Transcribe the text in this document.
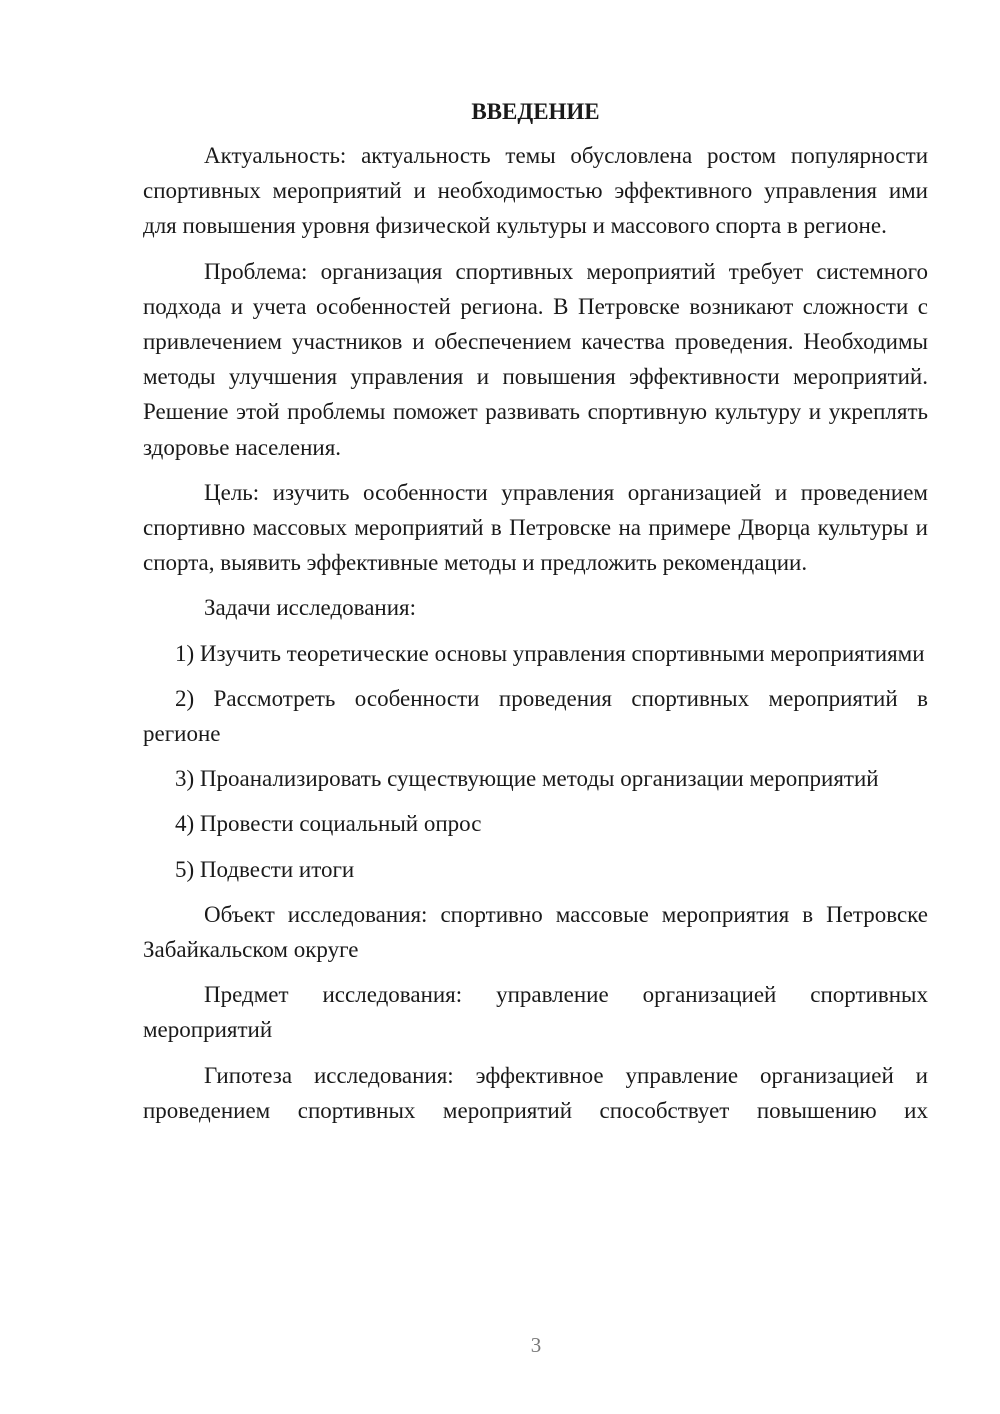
ВВЕДЕНИЕ

Актуальность: актуальность темы обусловлена ростом популярности спортивных мероприятий и необходимостью эффективного управления ими для повышения уровня физической культуры и массового спорта в регионе.

Проблема: организация спортивных мероприятий требует системного подхода и учета особенностей региона. В Петровске возникают сложности с привлечением участников и обеспечением качества проведения. Необходимы методы улучшения управления и повышения эффективности мероприятий. Решение этой проблемы поможет развивать спортивную культуру и укреплять здоровье населения.

Цель: изучить особенности управления организацией и проведением спортивно массовых мероприятий в Петровске на примере Дворца культуры и спорта, выявить эффективные методы и предложить рекомендации.

Задачи исследования:

1) Изучить теоретические основы управления спортивными мероприятиями

2) Рассмотреть особенности проведения спортивных мероприятий в регионе

3) Проанализировать существующие методы организации мероприятий

4) Провести социальный опрос

5) Подвести итоги

Объект исследования: спортивно массовые мероприятия в Петровске Забайкальском округе

Предмет исследования: управление организацией спортивных мероприятий

Гипотеза исследования: эффективное управление организацией и проведением спортивных мероприятий способствует повышению их

3
